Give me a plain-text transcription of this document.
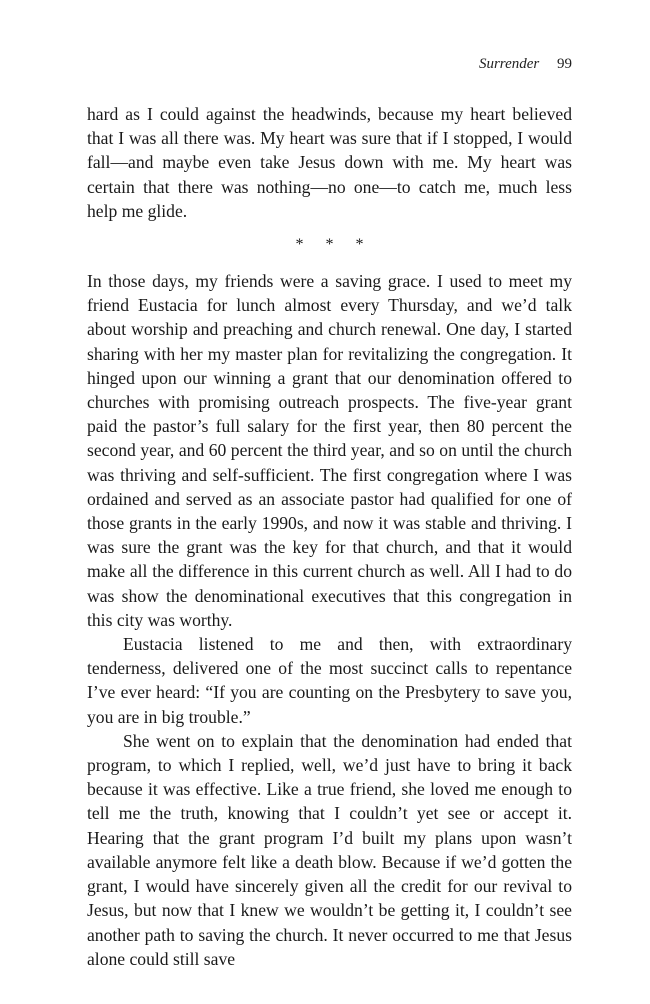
Surrender 99

hard as I could against the headwinds, because my heart believed that I was all there was. My heart was sure that if I stopped, I would fall—and maybe even take Jesus down with me. My heart was certain that there was nothing—no one—to catch me, much less help me glide.

* * *

In those days, my friends were a saving grace. I used to meet my friend Eustacia for lunch almost every Thursday, and we’d talk about worship and preaching and church renewal. One day, I started sharing with her my master plan for revitalizing the congregation. It hinged upon our winning a grant that our denomination offered to churches with promising outreach prospects. The five-year grant paid the pastor’s full salary for the first year, then 80 percent the second year, and 60 percent the third year, and so on until the church was thriving and self-sufficient. The first congregation where I was ordained and served as an associate pastor had qualified for one of those grants in the early 1990s, and now it was stable and thriving. I was sure the grant was the key for that church, and that it would make all the difference in this current church as well. All I had to do was show the denominational executives that this congregation in this city was worthy.

Eustacia listened to me and then, with extraordinary tenderness, delivered one of the most succinct calls to repentance I’ve ever heard: “If you are counting on the Presbytery to save you, you are in big trouble.”

She went on to explain that the denomination had ended that program, to which I replied, well, we’d just have to bring it back because it was effective. Like a true friend, she loved me enough to tell me the truth, knowing that I couldn’t yet see or accept it. Hearing that the grant program I’d built my plans upon wasn’t available anymore felt like a death blow. Because if we’d gotten the grant, I would have sincerely given all the credit for our revival to Jesus, but now that I knew we wouldn’t be getting it, I couldn’t see another path to saving the church. It never occurred to me that Jesus alone could still save
